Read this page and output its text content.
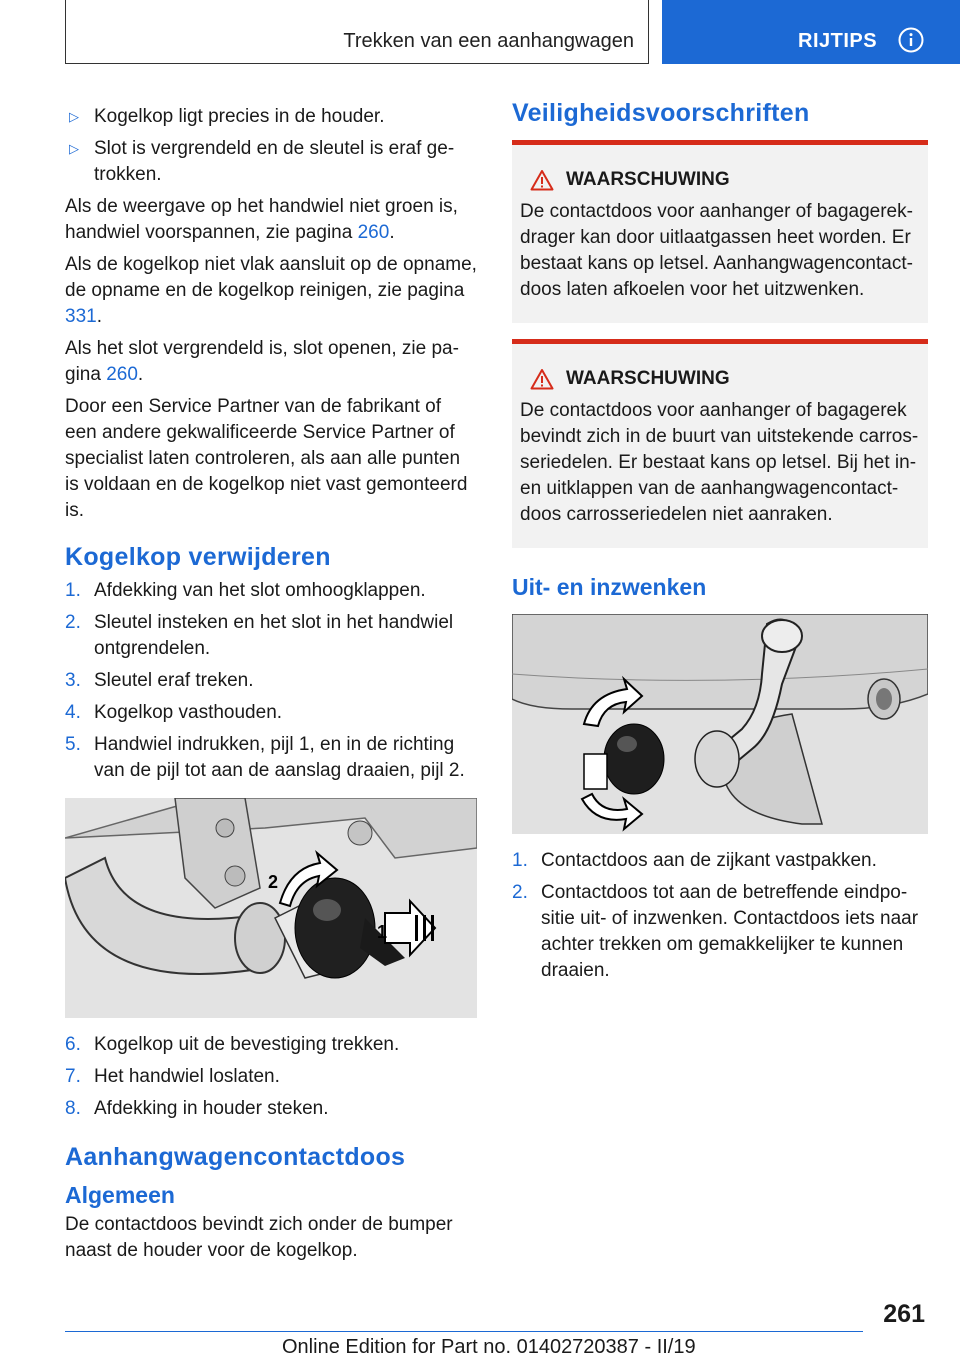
Trekken van een aanhangwagen	RIJTIPS
▷ Kogelkop ligt precies in de houder.
▷ Slot is vergrendeld en de sleutel is eraf getrokken.

Als de weergave op het handwiel niet groen is, handwiel voorspannen, zie pagina 260.

Als de kogelkop niet vlak aansluit op de opname, de opname en de kogelkop reinigen, zie pagina 331.

Als het slot vergrendeld is, slot openen, zie pagina 260.

Door een Service Partner van de fabrikant of een andere gekwalificeerde Service Partner of specialist laten controleren, als aan alle punten is voldaan en de kogelkop niet vast gemonteerd is.

Kogelkop verwijderen
1. Afdekking van het slot omhoogklappen.
2. Sleutel insteken en het slot in het handwiel ontgrendelen.
3. Sleutel eraf treken.
4. Kogelkop vasthouden.
5. Handwiel indrukken, pijl 1, en in de richting van de pijl tot aan de aanslag draaien, pijl 2.
1
2
6. Kogelkop uit de bevestiging trekken.
7. Het handwiel loslaten.
8. Afdekking in houder steken.
Aanhangwagencontactdoos
Algemeen

De contactdoos bevindt zich onder de bumper naast de houder voor de kogelkop.

Veiligheidsvoorschriften
WAARSCHUWING
De contactdoos voor aanhanger of bagagerekdrager kan door uitlaatgassen heet worden. Er bestaat kans op letsel. Aanhangwagencontactdoos laten afkoelen voor het uitzwenken.
WAARSCHUWING
De contactdoos voor aanhanger of bagagerek bevindt zich in de buurt van uitstekende carrosseriedelen. Er bestaat kans op letsel. Bij het in- en uitklappen van de aanhangwagencontactdoos carrosseriedelen niet aanraken.
Uit- en inzwenken
1. Contactdoos aan de zijkant vastpakken.
2. Contactdoos tot aan de betreffende eindpositie uit- of inzwenken. Contactdoos iets naar achter trekken om gemakkelijker te kunnen draaien.
261
Online Edition for Part no. 01402720387 - II/19
